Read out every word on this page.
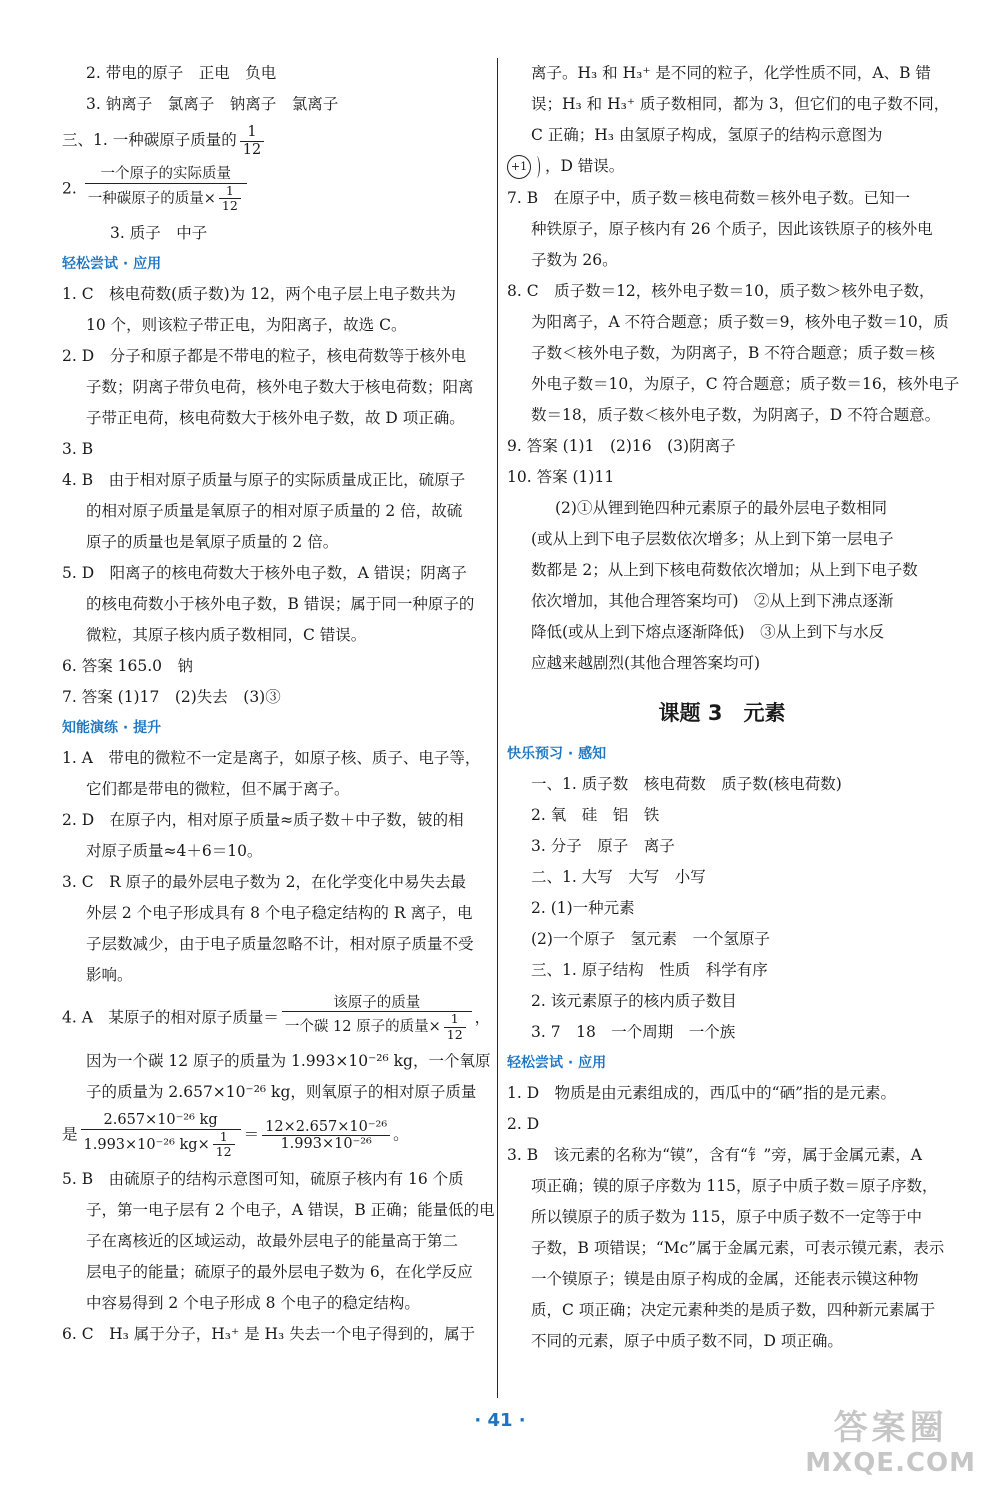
2. 带电的原子　正电　负电
3. 钠离子　氯离子　钠离子　氯离子
三、1. 一种碳原子质量的 $\frac{1}{12}$
2. $\frac{\text{一个原子的实际质量}}{一种碳原子的质量\times \frac{1}{12}}$
3. 质子　中子
轻松尝试 · 应用
1. C　核电荷数(质子数)为 12，两个电子层上电子数共为
10 个，则该粒子带正电，为阳离子，故选 C。
2. D　分子和原子都是不带电的粒子，核电荷数等于核外电
子数；阴离子带负电荷，核外电子数大于核电荷数；阳离
子带正电荷，核电荷数大于核外电子数，故 D 项正确。
3. B
4. B　由于相对原子质量与原子的实际质量成正比，硫原子
的相对原子质量是氧原子的相对原子质量的 2 倍，故硫
原子的质量也是氧原子质量的 2 倍。
5. D　阳离子的核电荷数大于核外电子数，A 错误；阴离子
的核电荷数小于核外电子数，B 错误；属于同一种原子的
微粒，其原子核内质子数相同，C 错误。
6. 答案 165.0　钠
7. 答案 (1)17　(2)失去　(3)③
知能演练 · 提升
1. A　带电的微粒不一定是离子，如原子核、质子、电子等，
它们都是带电的微粒，但不属于离子。
2. D　在原子内，相对原子质量≈质子数＋中子数，铍的相
对原子质量≈4＋6＝10。
3. C　R 原子的最外层电子数为 2，在化学变化中易失去最
外层 2 个电子形成具有 8 个电子稳定结构的 R 离子，电
子层数减少，由于电子质量忽略不计，相对原子质量不受
影响。
4. A　某原子的相对原子质量＝ $\frac{\text{该原子的质量}}{一个碳 12 原子的质量\times \frac{1}{12}}$ ，
因为一个碳 12 原子的质量为 1.993×10⁻²⁶ kg，一个氧原
子的质量为 2.657×10⁻²⁶ kg，则氧原子的相对原子质量
是 $\frac{\text{2.657×10⁻²⁶ kg}}{1.993\times 10^{-26} kg\times \frac{1}{12}} = \frac{\text{12×2.657×10⁻²⁶}}{\text{1.993×10⁻²⁶}}$ 。
5. B　由硫原子的结构示意图可知，硫原子核内有 16 个质
子，第一电子层有 2 个电子，A 错误，B 正确；能量低的电
子在离核近的区域运动，故最外层电子的能量高于第二
层电子的能量；硫原子的最外层电子数为 6，在化学反应
中容易得到 2 个电子形成 8 个电子的稳定结构。
6. C　H₃ 属于分子，H₃⁺ 是 H₃ 失去一个电子得到的，属于
离子。H₃ 和 H₃⁺ 是不同的粒子，化学性质不同，A、B 错
误；H₃ 和 H₃⁺ 质子数相同，都为 3，但它们的电子数不同，
C 正确；H₃ 由氢原子构成，氢原子的结构示意图为
+1 ，D 错误。
7. B　在原子中，质子数＝核电荷数＝核外电子数。已知一
种铁原子，原子核内有 26 个质子，因此该铁原子的核外电
子数为 26。
8. C　质子数＝12，核外电子数＝10，质子数＞核外电子数，
为阳离子，A 不符合题意；质子数＝9，核外电子数＝10，质
子数＜核外电子数，为阴离子，B 不符合题意；质子数＝核
外电子数＝10，为原子，C 符合题意；质子数＝16，核外电子
数＝18，质子数＜核外电子数，为阴离子，D 不符合题意。
9. 答案 (1)1　(2)16　(3)阴离子
10. 答案 (1)11
(2)①从锂到铯四种元素原子的最外层电子数相同
(或从上到下电子层数依次增多；从上到下第一层电子
数都是 2；从上到下核电荷数依次增加；从上到下电子数
依次增加，其他合理答案均可)　②从上到下沸点逐渐
降低(或从上到下熔点逐渐降低)　③从上到下与水反
应越来越剧烈(其他合理答案均可)
课题 3　元素
快乐预习 · 感知
一、1. 质子数　核电荷数　质子数(核电荷数)
2. 氧　硅　铝　铁
3. 分子　原子　离子
二、1. 大写　大写　小写
2. (1)一种元素
(2)一个原子　氢元素　一个氢原子
三、1. 原子结构　性质　科学有序
2. 该元素原子的核内质子数目
3. 7　18　一个周期　一个族
轻松尝试 · 应用
1. D　物质是由元素组成的，西瓜中的“硒”指的是元素。
2. D
3. B　该元素的名称为“镆”，含有“钅”旁，属于金属元素，A
项正确；镆的原子序数为 115，原子中质子数＝原子序数，
所以镆原子的质子数为 115，原子中质子数不一定等于中
子数，B 项错误；“Mc”属于金属元素，可表示镆元素，表示
一个镆原子；镆是由原子构成的金属，还能表示镆这种物
质，C 项正确；决定元素种类的是质子数，四种新元素属于
不同的元素，原子中质子数不同，D 项正确。
· 41 ·	答案圈
MXQE.COM
